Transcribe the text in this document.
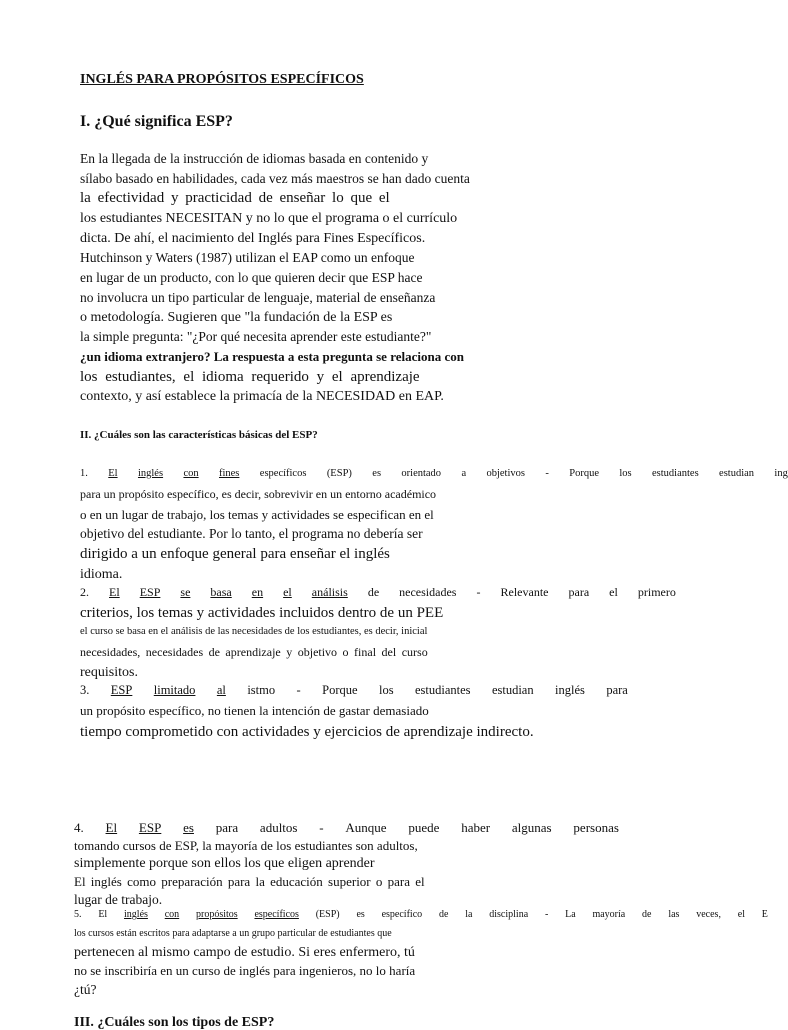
INGLÉS PARA PROPÓSITOS ESPECÍFICOS
I. ¿Qué significa ESP?
En la llegada de la instrucción de idiomas basada en contenido y
sílabo basado en habilidades, cada vez más maestros se han dado cuenta
la efectividad y practicidad de enseñar lo que el
los estudiantes NECESITAN y no lo que el programa o el currículo
dicta. De ahí, el nacimiento del Inglés para Fines Específicos.
Hutchinson y Waters (1987) utilizan el EAP como un enfoque
en lugar de un producto, con lo que quieren decir que ESP hace
no involucra un tipo particular de lenguaje, material de enseñanza
o metodología. Sugieren que "la fundación de la ESP es
la simple pregunta: "¿Por qué necesita aprender este estudiante?"
¿un idioma extranjero? La respuesta a esta pregunta se relaciona con
los estudiantes, el idioma requerido y el aprendizaje
contexto, y así establece la primacía de la NECESIDAD en EAP.
II. ¿Cuáles son las características básicas del ESP?
1. El inglés con fines específicos (ESP) es orientado a objetivos - Porque los estudiantes estudian ing
para un propósito específico, es decir, sobrevivir en un entorno académico
o en un lugar de trabajo, los temas y actividades se especifican en el
objetivo del estudiante. Por lo tanto, el programa no debería ser
dirigido a un enfoque general para enseñar el inglés
idioma.
2. El ESP se basa en el análisis de necesidades - Relevante para el primero
criterios, los temas y actividades incluidos dentro de un PEE
el curso se basa en el análisis de las necesidades de los estudiantes, es decir, inicial
necesidades, necesidades de aprendizaje y objetivo o final del curso
requisitos.
3. ESP limitado al istmo - Porque los estudiantes estudian inglés para
un propósito específico, no tienen la intención de gastar demasiado
tiempo comprometido con actividades y ejercicios de aprendizaje indirecto.
4. El ESP es para adultos - Aunque puede haber algunas personas
tomando cursos de ESP, la mayoría de los estudiantes son adultos,
simplemente porque son ellos los que eligen aprender
El inglés como preparación para la educación superior o para el
lugar de trabajo.
5. El inglés con propósitos específicos (ESP) es específico de la disciplina - La mayoría de las veces, el E
los cursos están escritos para adaptarse a un grupo particular de estudiantes que
pertenecen al mismo campo de estudio. Si eres enfermero, tú
no se inscribiría en un curso de inglés para ingenieros, no lo haría
¿tú?
III. ¿Cuáles son los tipos de ESP?
